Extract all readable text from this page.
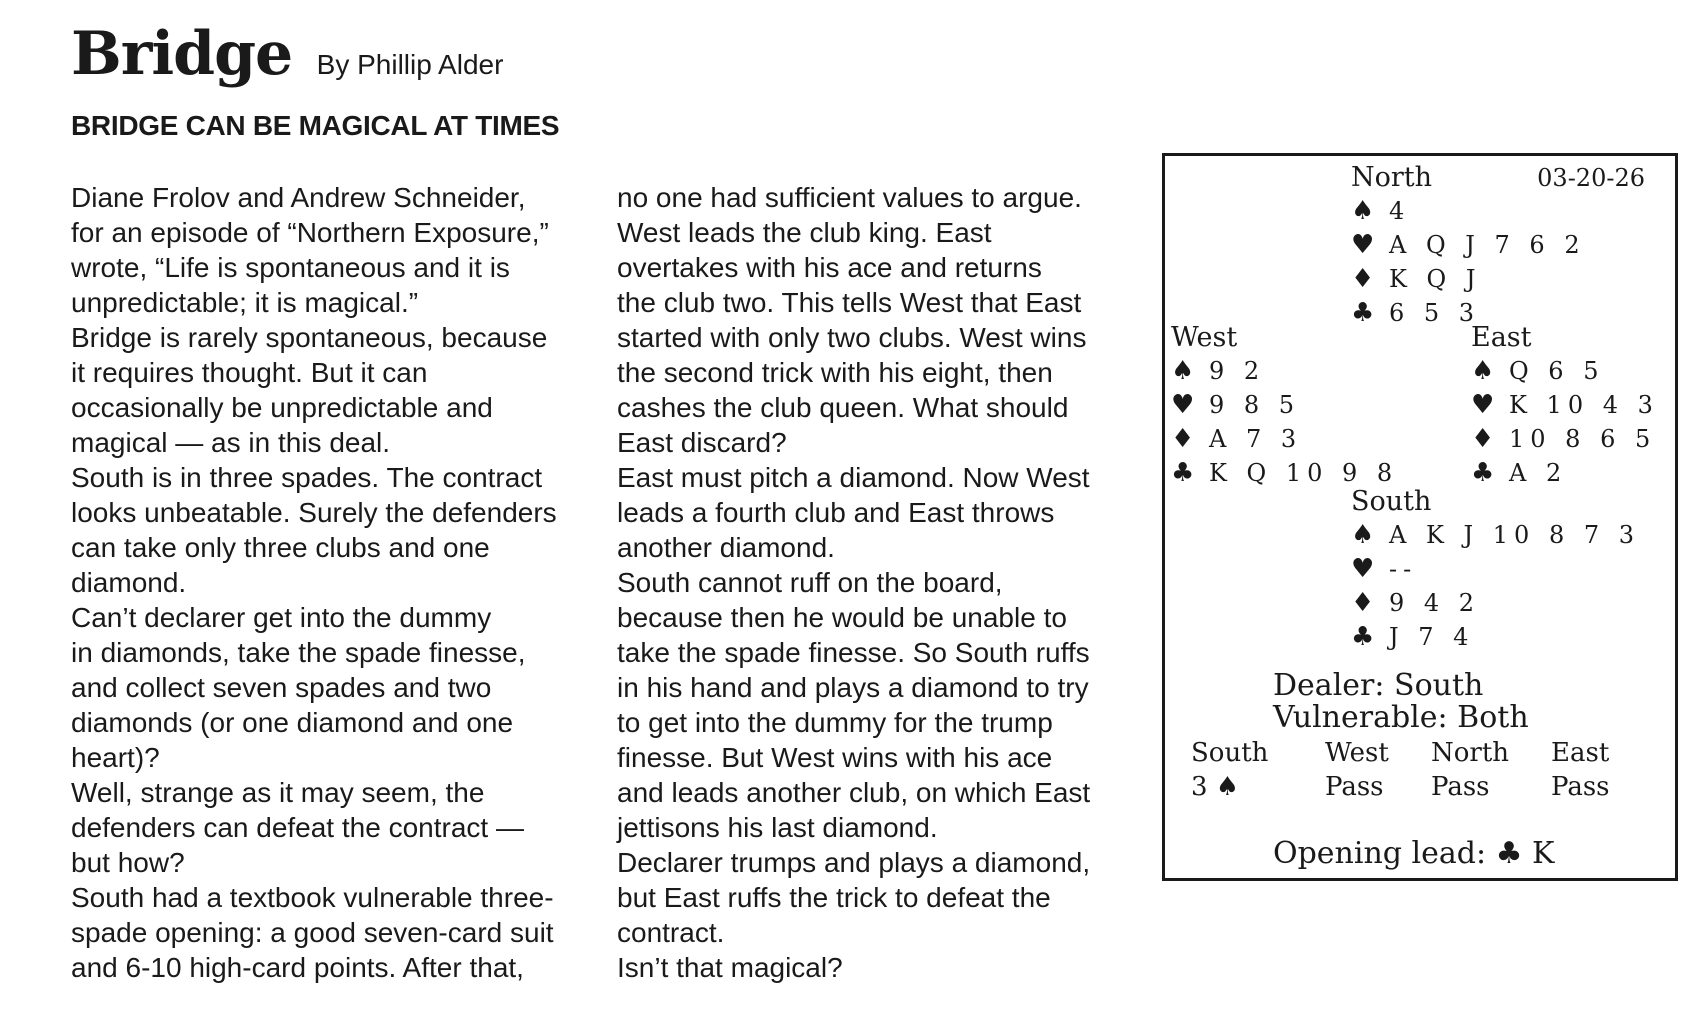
Bridge By Phillip Alder
BRIDGE CAN BE MAGICAL AT TIMES
Diane Frolov and Andrew Schneider,
for an episode of “Northern Exposure,”
wrote, “Life is spontaneous and it is
unpredictable; it is magical.”
Bridge is rarely spontaneous, because
it requires thought. But it can
occasionally be unpredictable and
magical — as in this deal.
South is in three spades. The contract
looks unbeatable. Surely the defenders
can take only three clubs and one
diamond.
Can’t declarer get into the dummy
in diamonds, take the spade finesse,
and collect seven spades and two
diamonds (or one diamond and one
heart)?
Well, strange as it may seem, the
defenders can defeat the contract —
but how?
South had a textbook vulnerable three-
spade opening: a good seven-card suit
and 6-10 high-card points. After that,
no one had sufficient values to argue.
West leads the club king. East
overtakes with his ace and returns
the club two. This tells West that East
started with only two clubs. West wins
the second trick with his eight, then
cashes the club queen. What should
East discard?
East must pitch a diamond. Now West
leads a fourth club and East throws
another diamond.
South cannot ruff on the board,
because then he would be unable to
take the spade finesse. So South ruffs
in his hand and plays a diamond to try
to get into the dummy for the trump
finesse. But West wins with his ace
and leads another club, on which East
jettisons his last diamond.
Declarer trumps and plays a diamond,
but East ruffs the trick to defeat the
contract.
Isn’t that magical?
03-20-26
North
♠ 4
♥ A Q J 7 6 2
♦ K Q J
♣ 6 5 3
West
♠ 9 2
♥ 9 8 5
♦ A 7 3
♣ K Q 10 9 8
East
♠ Q 6 5
♥ K 10 4 3
♦ 10 8 6 5
♣ A 2
South
♠ A K J 10 8 7 3
♥ --
♦ 9 4 2
♣ J 7 4
Dealer: South
Vulnerable: Both
South
3 ♠
West
Pass
North
Pass
East
Pass
Opening lead: ♣ K
